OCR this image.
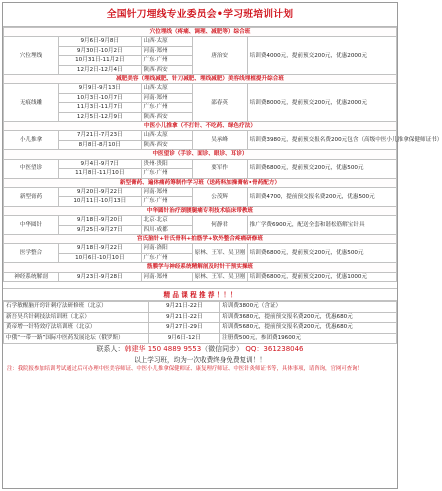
全国针刀埋线专业委员会•学习班培训计划
穴位埋线（疼痛、调理、减肥等）综合班				
穴位埋线	9月6日-9月8日	山西·太原	唐治安	培训费4000元，提前预交200元，优惠2000元
	9月30日-10月2日	河南·郑州		
	10月31日-11月2日	广东·广州		
	12月2日-12月4日	陕西·西安		
减肥美容（埋线减肥、针刀减肥、埋线减肥）美容线埋植提升综合班				
无痕线雕	9月9日-9月13日	山西·太原	邵春英	培训费8000元，提前预交200元，优惠2000元
	10月3日-10月7日	河南·郑州		
	11月3日-11月7日	广东·广州		
	12月5日-12月9日	陕西·西安		
中医小儿推拿（不打针、不吃药、绿色疗法）				
小儿推拿	7月21日-7月23日	山西·太原	吴承峰	培训费3980元，提前预交报名费200元包含（高级中医小儿推拿保健师证书）
	8月8日-8月10日	陕西·西安		
中医望诊（手诊、面诊、眼诊、耳诊）				
中医望诊	9月4日-9月7日	贵州·贵阳	要军作	培训费6800元，提前预交200元，优惠500元
	11月8日-11月10日	广东·广州		
新型膏药、遍体痛药筹制作学习班（送药料加操膏帖•骨药配方）				
新型膏药	9月20日-9月22日	河南·郑州	公茂辉	培训费4700，提前预交报名费200元，优惠500元
	10月11日-10月13日	广东·广州		
中华圆针治疗颈腰腿痛专利技术临床带教班				
中华圆针	9月18日-9月20日	北京·北京	何静君	推广学费6900元，配送全套和谐松筋解宝针具
	9月25日-9月27日	四川·成都		
宫氏脑针+针氏骨科+拍筋学+软外整合疼痛研修班				
医学整合	9月18日-9月22日	河南·洛阳	原林、王军、吴卫刚	培训费6800元，提前预交200元，优惠500元
	10月6日-10月10日	广东·广州		
筋膜学与神经系统精解剖及时针干预实操班				
神经系统解剖	9月23日-9月28日	河南·郑州	原林、王军、吴卫刚	培训费6800元，提前预交200元，优惠1000元
精 品 课 程 推 荐 ！！！
石学敏醒脑开窍针刺疗法研修班（北京）	9月21日-22日	培训费3800元（含证）
新吾昊兵针刺技法培训班（北京）	9月21日-22日	培训费3680元，提前预交报名费200元，优惠680元
黄帝增一针特效疗法培训班（北京）	9月27日-29日	培训费5680元，提前预交报名费200元，优惠680元
中俄“一带一路”国际中医药发展论坛（俄罗斯）	9月6日-12日	注册费500元，参团费19600元
联系人：韩建华 150 4889 9553（微信同步） QQ：361238046
以上学习班，均为一次收费终身免费复训！！
注：我院报参加培训考试通过后可办理中医美容师证、中医小儿推拿保健师证、康复理疗师证、中医针灸师证书等，具体事项，请咨询，官网可查询！
